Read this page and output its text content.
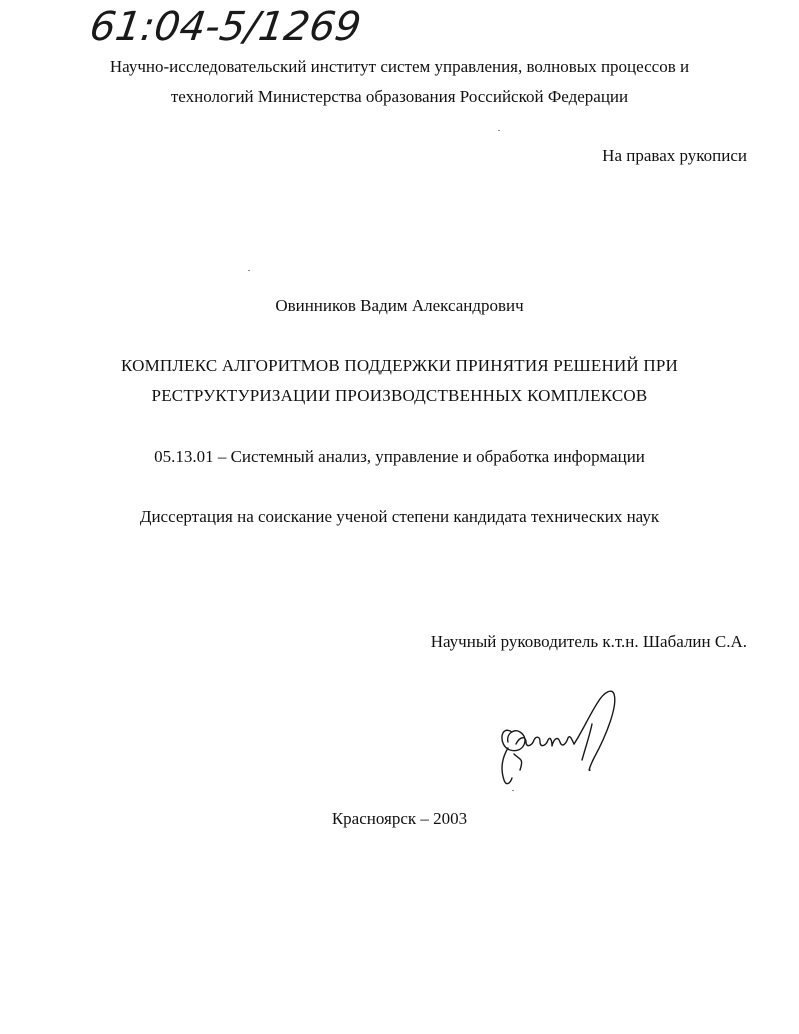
61:04-5/1269
Научно-исследовательский институт систем управления, волновых процессов и
технологий Министерства образования Российской Федерации
На правах рукописи
Овинников Вадим Александрович
КОМПЛЕКС АЛГОРИТМОВ ПОДДЕРЖКИ ПРИНЯТИЯ РЕШЕНИЙ ПРИ
РЕСТРУКТУРИЗАЦИИ ПРОИЗВОДСТВЕННЫХ КОМПЛЕКСОВ
05.13.01 – Системный анализ, управление и обработка информации
Диссертация на соискание ученой степени кандидата технических наук
Научный руководитель к.т.н. Шабалин С.А.
Красноярск – 2003
